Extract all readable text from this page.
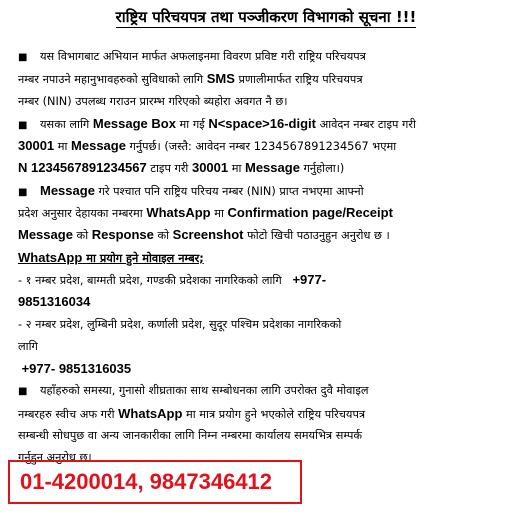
राष्ट्रिय परिचयपत्र तथा पञ्जीकरण विभागको सूचना !!!
■ यस विभागबाट अभियान मार्फत अफलाइनमा विवरण प्रविष्ट गरी राष्ट्रिय परिचयपत्र
नम्बर नपाउने महानुभावहरुको सुविधाको लागि SMS प्रणालीमार्फत राष्ट्रिय परिचयपत्र
नम्बर (NIN) उपलब्ध गराउन प्रारम्भ गरिएको ब्यहोरा अवगत नै छ।
■ यसका लागि Message Box मा गई N<space>16-digit आवेदन नम्बर टाइप गरी
30001 मा Message गर्नुपर्छ। (जस्तै: आवेदन नम्बर 1234567891234567 भएमा
N 1234567891234567 टाइप गरी 30001 मा Message गर्नुहोला।)
■ Message गरे पश्चात पनि राष्ट्रिय परिचय नम्बर (NIN) प्राप्त नभएमा आफ्नो
प्रदेश अनुसार देहायका नम्बरमा WhatsApp मा Confirmation page/Receipt
Message को Response को Screenshot फोटो खिची पठाउनुहुन अनुरोध छ ।
WhatsApp मा प्रयोग हुने मोवाइल नम्बर;
- १ नम्बर प्रदेश, बाग्मती प्रदेश, गण्डकी प्रदेशका नागरिकको लागि +977-
9851316034
- २ नम्बर प्रदेश, लुम्बिनी प्रदेश, कर्णाली प्रदेश, सुदूर पश्चिम प्रदेशका नागरिकको
लागि
+977- 9851316035
■ यहाँहरुको समस्या, गुनासो शीघ्रताका साथ सम्बोधनका लागि उपरोक्त दुवै मोवाइल
नम्बरहरु स्वीच अफ गरी WhatsApp मा मात्र प्रयोग हुने भएकोले राष्ट्रिय परिचयपत्र
सम्बन्धी सोधपुछ वा अन्य जानकारीका लागि निम्न नम्बरमा कार्यालय समयभित्र सम्पर्क
गर्नुहुन अनुरोध छ।
01-4200014, 9847346412
